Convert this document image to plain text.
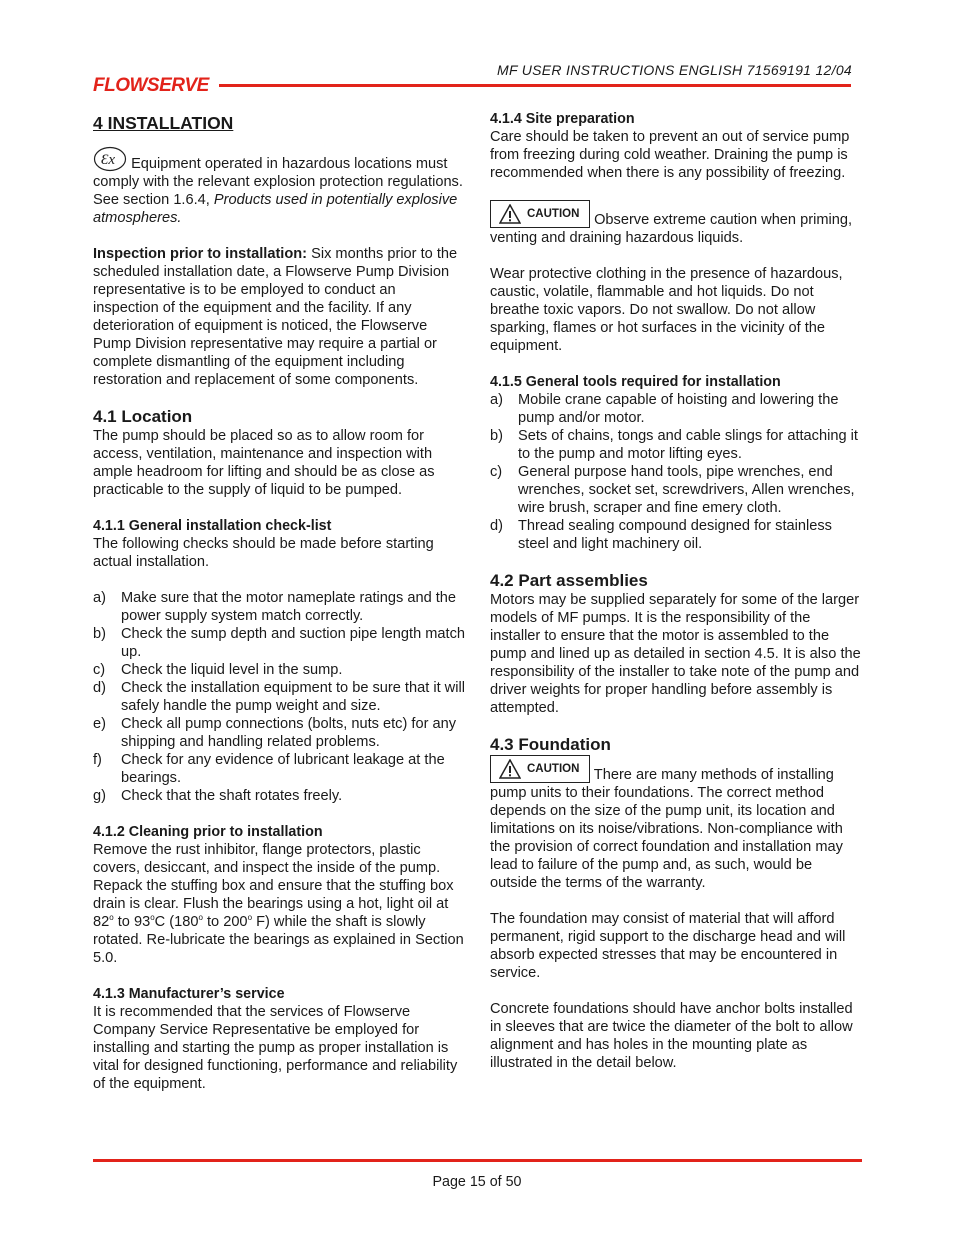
FLOWSERVE
MF USER INSTRUCTIONS ENGLISH 71569191 12/04
4 INSTALLATION

Ɛx Equipment operated in hazardous locations must comply with the relevant explosion protection regulations. See section 1.6.4, Products used in potentially explosive atmospheres.

Inspection prior to installation: Six months prior to the scheduled installation date, a Flowserve Pump Division representative is to be employed to conduct an inspection of the equipment and the facility. If any deterioration of equipment is noticed, the Flowserve Pump Division representative may require a partial or complete dismantling of the equipment including restoration and replacement of some components.

4.1 Location

The pump should be placed so as to allow room for access, ventilation, maintenance and inspection with ample headroom for lifting and should be as close as practicable to the supply of liquid to be pumped.

4.1.1 General installation check-list

The following checks should be made before starting actual installation.

a)	Make sure that the motor nameplate ratings and the power supply system match correctly.
b)	Check the sump depth and suction pipe length match up.
c)	Check the liquid level in the sump.
d)	Check the installation equipment to be sure that it will safely handle the pump weight and size.
e)	Check all pump connections (bolts, nuts etc) for any shipping and handling related problems.
f)	Check for any evidence of lubricant leakage at the bearings.
g)	Check that the shaft rotates freely.
4.1.2 Cleaning prior to installation

Remove the rust inhibitor, flange protectors, plastic covers, desiccant, and inspect the inside of the pump. Repack the stuffing box and ensure that the stuffing box drain is clear. Flush the bearings using a hot, light oil at 82$^o$ to 93$^o$C (180$^o$ to 200$^o$ F) while the shaft is slowly rotated. Re-lubricate the bearings as explained in Section 5.0.

4.1.3 Manufacturer’s service

It is recommended that the services of Flowserve Company Service Representative be employed for installing and starting the pump as proper installation is vital for designed functioning, performance and reliability of the equipment.

4.1.4 Site preparation

Care should be taken to prevent an out of service pump from freezing during cold weather. Draining the pump is recommended when there is any possibility of freezing.

CAUTION Observe extreme caution when priming, venting and draining hazardous liquids.

Wear protective clothing in the presence of hazardous, caustic, volatile, flammable and hot liquids. Do not breathe toxic vapors. Do not swallow. Do not allow sparking, flames or hot surfaces in the vicinity of the equipment.

4.1.5 General tools required for installation
a)	Mobile crane capable of hoisting and lowering the pump and/or motor.
b)	Sets of chains, tongs and cable slings for attaching it to the pump and motor lifting eyes.
c)	General purpose hand tools, pipe wrenches, end wrenches, socket set, screwdrivers, Allen wrenches, wire brush, scraper and fine emery cloth.
d)	Thread sealing compound designed for stainless steel and light machinery oil.
4.2 Part assemblies

Motors may be supplied separately for some of the larger models of MF pumps. It is the responsibility of the installer to ensure that the motor is assembled to the pump and lined up as detailed in section 4.5. It is also the responsibility of the installer to take note of the pump and driver weights for proper handling before assembly is attempted.

4.3 Foundation

CAUTION There are many methods of installing pump units to their foundations. The correct method depends on the size of the pump unit, its location and limitations on its noise/vibrations. Non-compliance with the provision of correct foundation and installation may lead to failure of the pump and, as such, would be outside the terms of the warranty.

The foundation may consist of material that will afford permanent, rigid support to the discharge head and will absorb expected stresses that may be encountered in service.

Concrete foundations should have anchor bolts installed in sleeves that are twice the diameter of the bolt to allow alignment and has holes in the mounting plate as illustrated in the detail below.

Page 15 of 50
